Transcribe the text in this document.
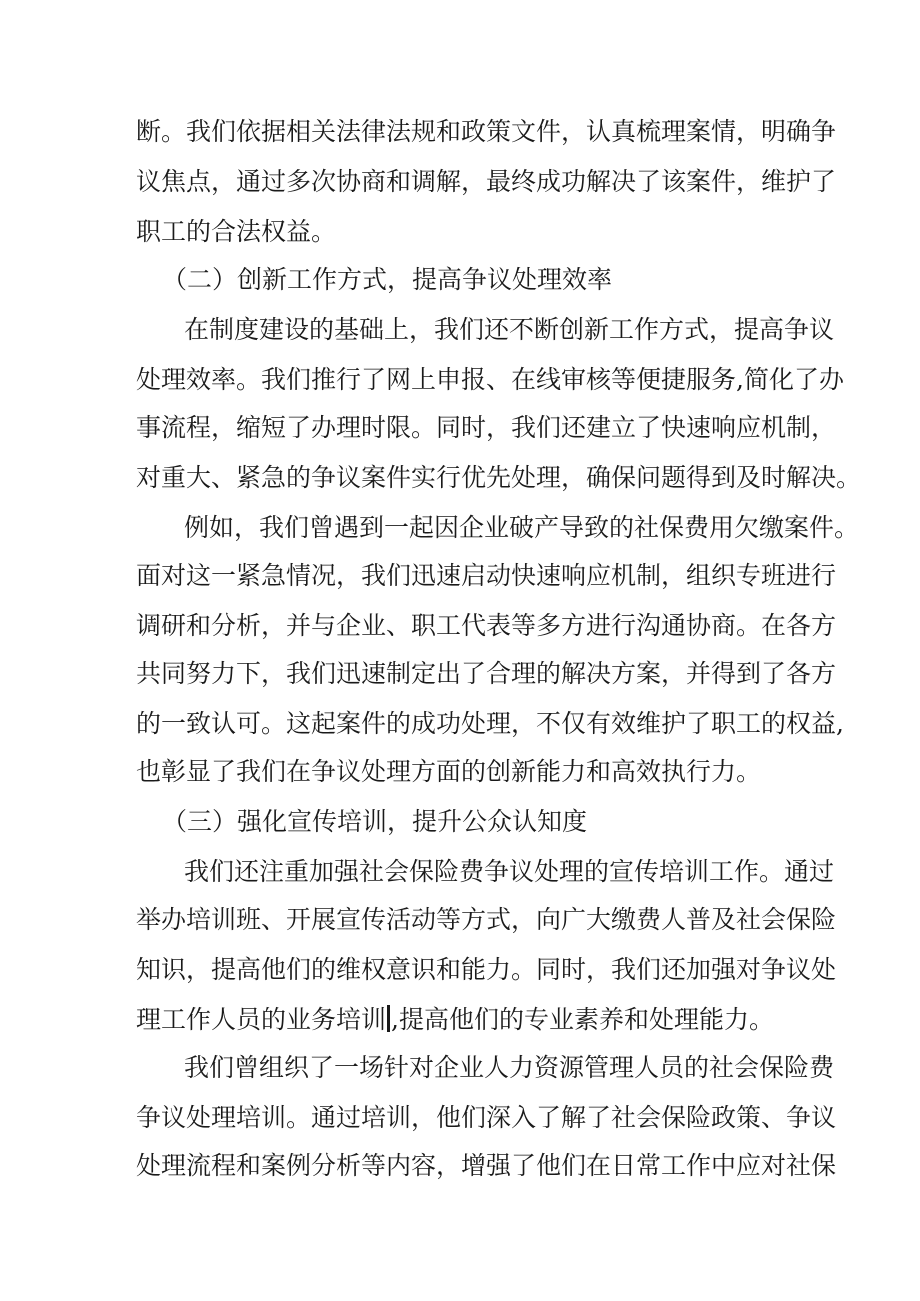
断。我们依据相关法律法规和政策文件，认真梳理案情，明确争
议焦点，通过多次协商和调解，最终成功解决了该案件，维护了
职工的合法权益。
（二）创新工作方式，提高争议处理效率
在制度建设的基础上，我们还不断创新工作方式，提高争议
处理效率。我们推行了网上申报、在线审核等便捷服务,简化了办
事流程，缩短了办理时限。同时，我们还建立了快速响应机制，
对重大、紧急的争议案件实行优先处理，确保问题得到及时解决。
例如，我们曾遇到一起因企业破产导致的社保费用欠缴案件。
面对这一紧急情况，我们迅速启动快速响应机制，组织专班进行
调研和分析，并与企业、职工代表等多方进行沟通协商。在各方
共同努力下，我们迅速制定出了合理的解决方案，并得到了各方
的一致认可。这起案件的成功处理，不仅有效维护了职工的权益,
也彰显了我们在争议处理方面的创新能力和高效执行力。
（三）强化宣传培训，提升公众认知度
我们还注重加强社会保险费争议处理的宣传培训工作。通过
举办培训班、开展宣传活动等方式，向广大缴费人普及社会保险
知识，提高他们的维权意识和能力。同时，我们还加强对争议处
理工作人员的业务培训 ,提高他们的专业素养和处理能力。
我们曾组织了一场针对企业人力资源管理人员的社会保险费
争议处理培训。通过培训，他们深入了解了社会保险政策、争议
处理流程和案例分析等内容，增强了他们在日常工作中应对社保
